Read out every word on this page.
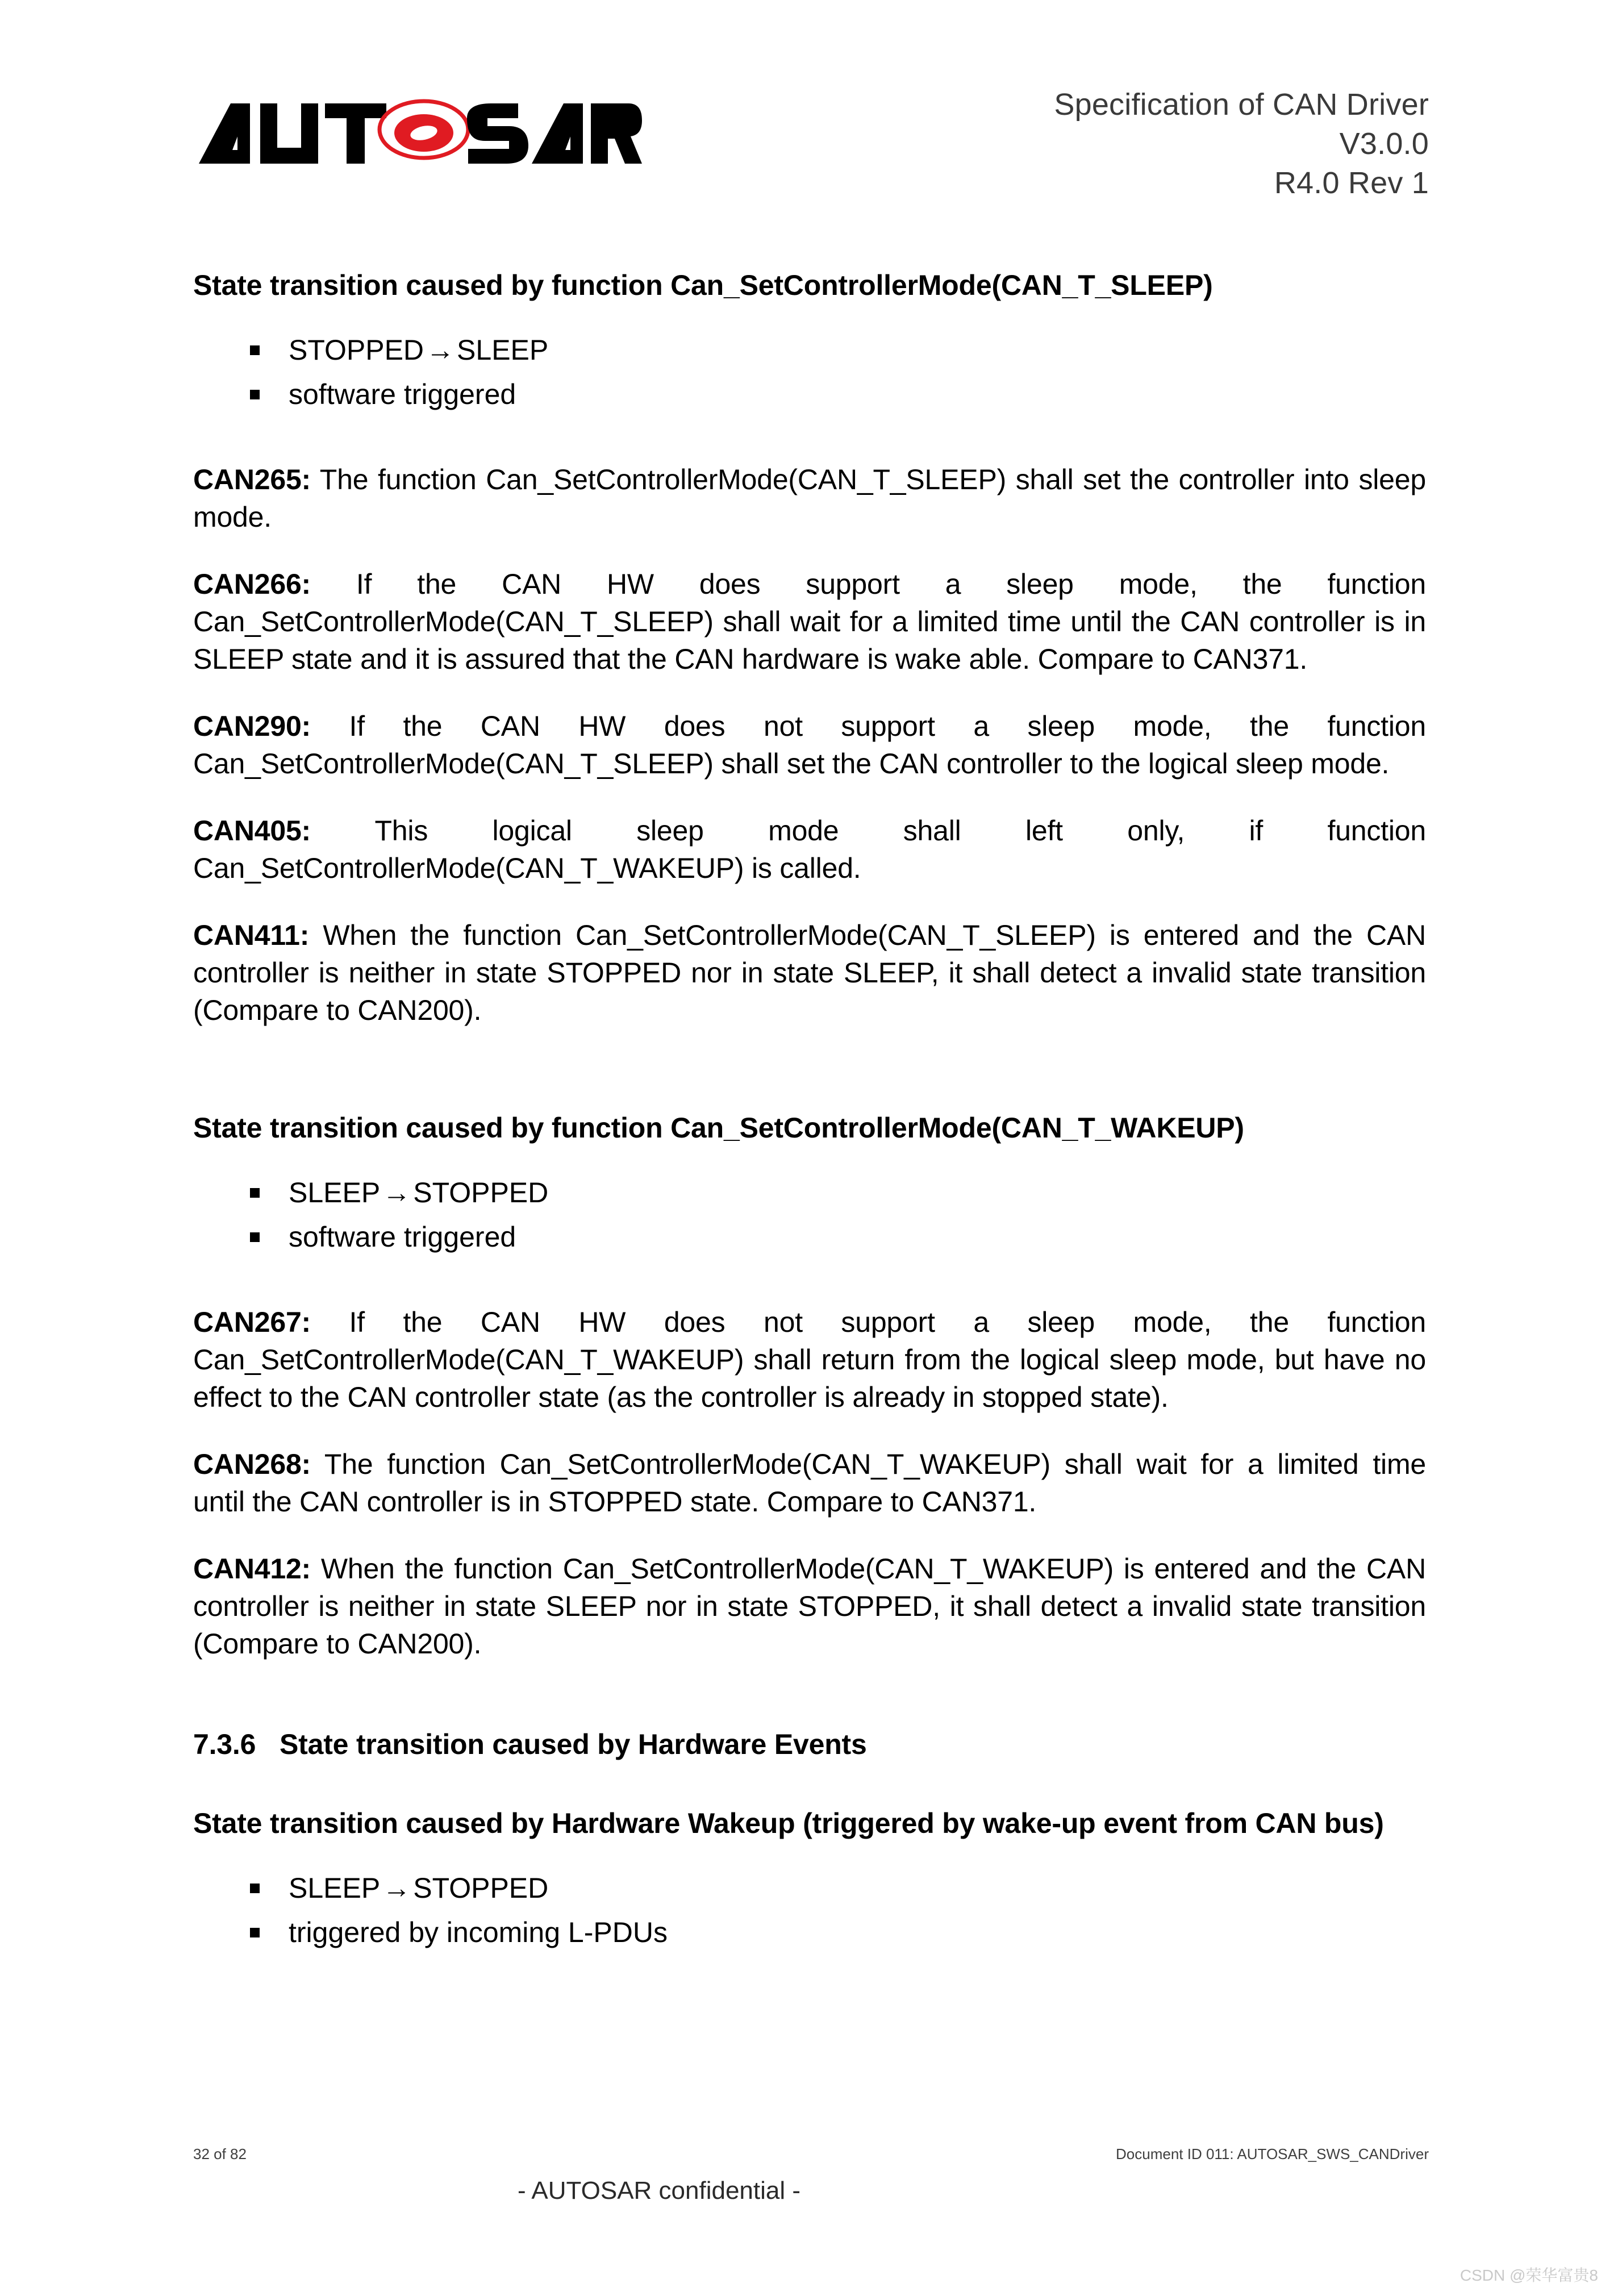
Specification of CAN Driver
V3.0.0
R4.0 Rev 1
State transition caused by function Can_SetControllerMode(CAN_T_SLEEP)
STOPPED→SLEEP
software triggered

CAN265: The function Can_SetControllerMode(CAN_T_SLEEP) shall set the controller into sleep mode.

CAN266: If the CAN HW does support a sleep mode, the function Can_SetControllerMode(CAN_T_SLEEP) shall wait for a limited time until the CAN controller is in SLEEP state and it is assured that the CAN hardware is wake able. Compare to CAN371.

CAN290: If the CAN HW does not support a sleep mode, the function Can_SetControllerMode(CAN_T_SLEEP) shall set the CAN controller to the logical sleep mode.

CAN405: This logical sleep mode shall left only, if function Can_SetControllerMode(CAN_T_WAKEUP) is called.

CAN411: When the function Can_SetControllerMode(CAN_T_SLEEP) is entered and the CAN controller is neither in state STOPPED nor in state SLEEP, it shall detect a invalid state transition (Compare to CAN200).

State transition caused by function Can_SetControllerMode(CAN_T_WAKEUP)
SLEEP→STOPPED
software triggered

CAN267: If the CAN HW does not support a sleep mode, the function Can_SetControllerMode(CAN_T_WAKEUP) shall return from the logical sleep mode, but have no effect to the CAN controller state (as the controller is already in stopped state).

CAN268: The function Can_SetControllerMode(CAN_T_WAKEUP) shall wait for a limited time until the CAN controller is in STOPPED state. Compare to CAN371.

CAN412: When the function Can_SetControllerMode(CAN_T_WAKEUP) is entered and the CAN controller is neither in state SLEEP nor in state STOPPED, it shall detect a invalid state transition (Compare to CAN200).

7.3.6 State transition caused by Hardware Events
State transition caused by Hardware Wakeup (triggered by wake-up event from CAN bus)
SLEEP→STOPPED
triggered by incoming L-PDUs
32 of 82	Document ID 011: AUTOSAR_SWS_CANDriver
- AUTOSAR confidential -
CSDN @荣华富贵8
